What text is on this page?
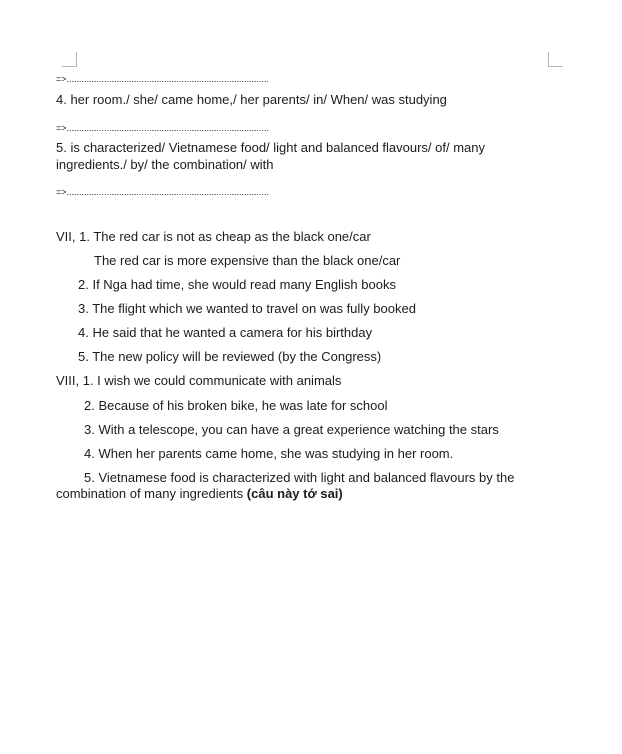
=>.................................................................................
4. her room./ she/ came home,/ her parents/ in/ When/ was studying
=>.................................................................................
5. is characterized/ Vietnamese food/ light and balanced flavours/ of/ many
ingredients./ by/ the combination/ with
=>.................................................................................
VII, 1. The red car is not as cheap as the black one/car
The red car is more expensive than the black one/car
2. If Nga had time, she would read many English books
3. The flight which we wanted to travel on was fully booked
4. He said that he wanted a camera for his birthday
5. The new policy will be reviewed (by the Congress)
VIII, 1. I wish we could communicate with animals
2. Because of his broken bike, he was late for school
3. With a telescope, you can have a great experience watching the stars
4. When her parents came home, she was studying in her room.
5. Vietnamese food is characterized with light and balanced flavours by the
combination of many ingredients (câu này tớ sai)
